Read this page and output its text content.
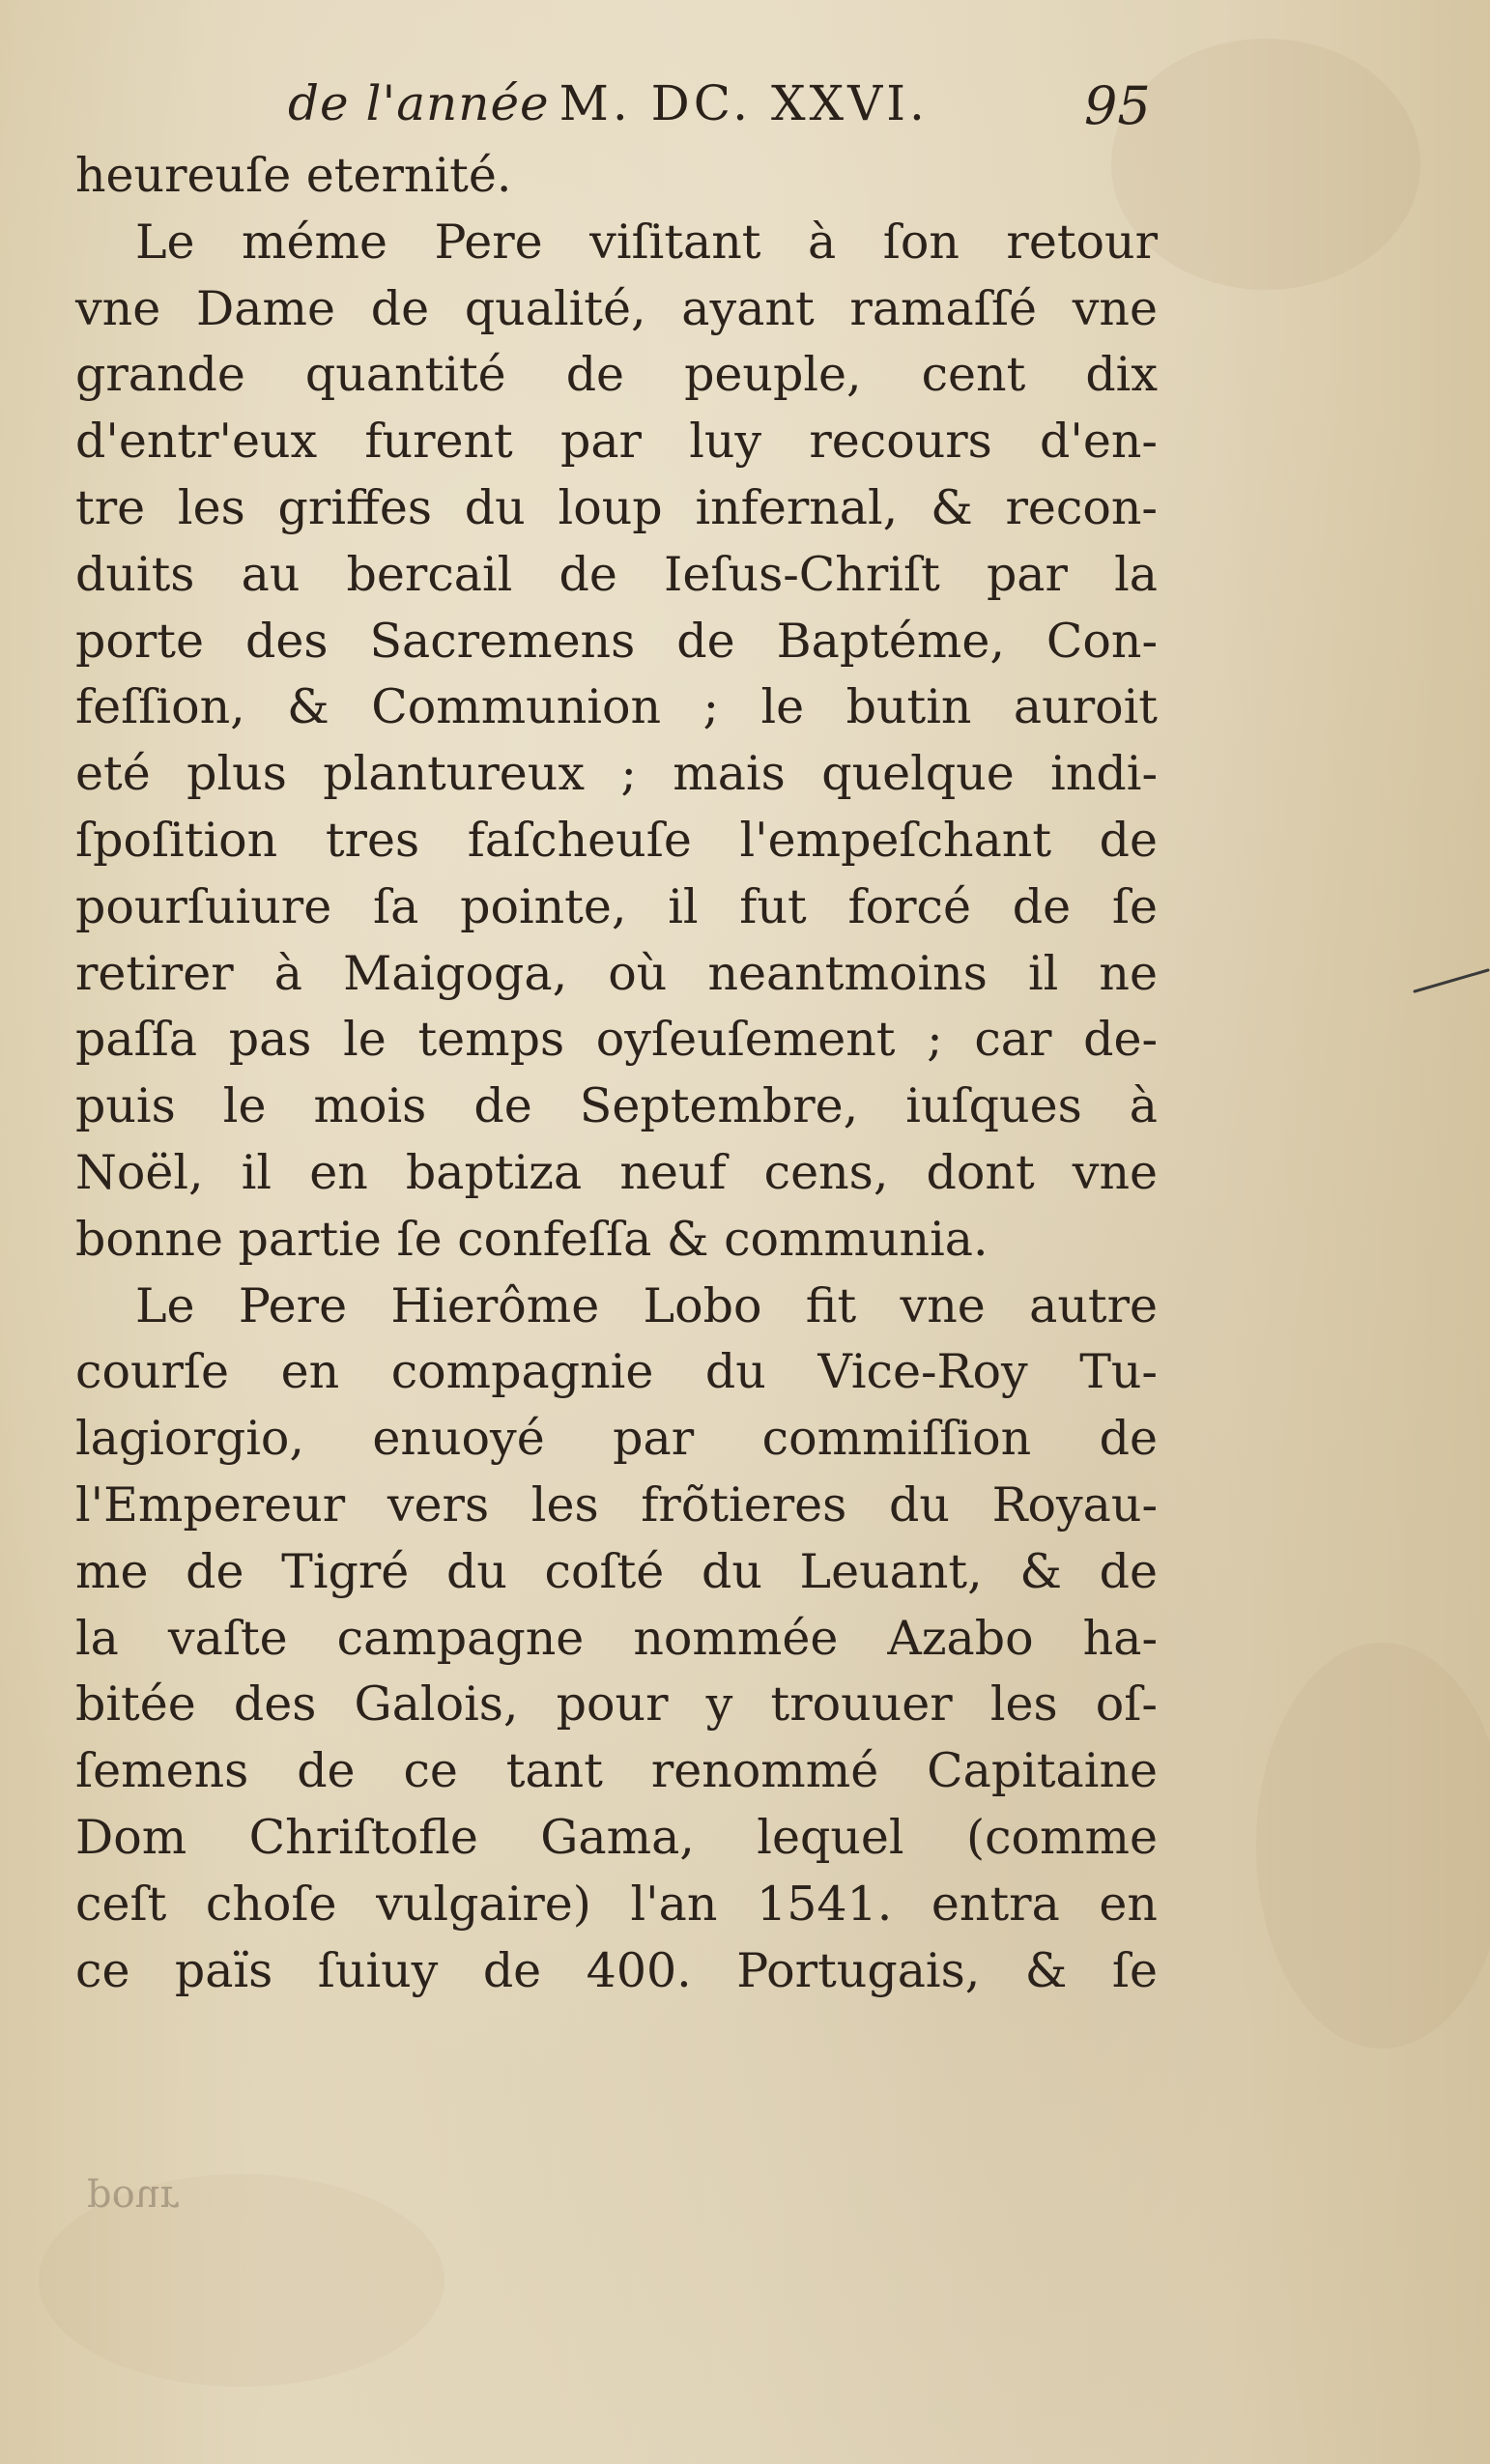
de l'année M. DC. XXVI.	95
heureuſe eternité.
Le méme Pere viſitant à ſon retour
vne Dame de qualité, ayant ramaſſé vne
grande quantité de peuple, cent dix
d'entr'eux furent par luy recours d'en-
tre les griffes du loup infernal, & recon-
duits au bercail de Ieſus-Chriſt par la
porte des Sacremens de Baptéme, Con-
feſſion, & Communion ; le butin auroit
eté plus plantureux ; mais quelque indi-
ſpoſition tres faſcheuſe l'empeſchant de
pourſuiure ſa pointe, il fut forcé de ſe
retirer à Maigoga, où neantmoins il ne
paſſa pas le temps oyſeuſement ; car de-
puis le mois de Septembre, iuſques à
Noël, il en baptiza neuf cens, dont vne
bonne partie ſe confeſſa & communia.
Le Pere Hierôme Lobo fit vne autre
courſe en compagnie du Vice-Roy Tu-
lagiorgio, enuoyé par commiſſion de
l'Empereur vers les frõtieres du Royau-
me de Tigré du coſté du Leuant, & de
la vaſte campagne nommée Azabo ha-
bitée des Galois, pour y trouuer les oſ-
ſemens de ce tant renommé Capitaine
Dom Chriſtofle Gama, lequel (comme
ceſt choſe vulgaire) l'an 1541. entra en
ce païs ſuiuy de 400. Portugais, & ſe
pour
